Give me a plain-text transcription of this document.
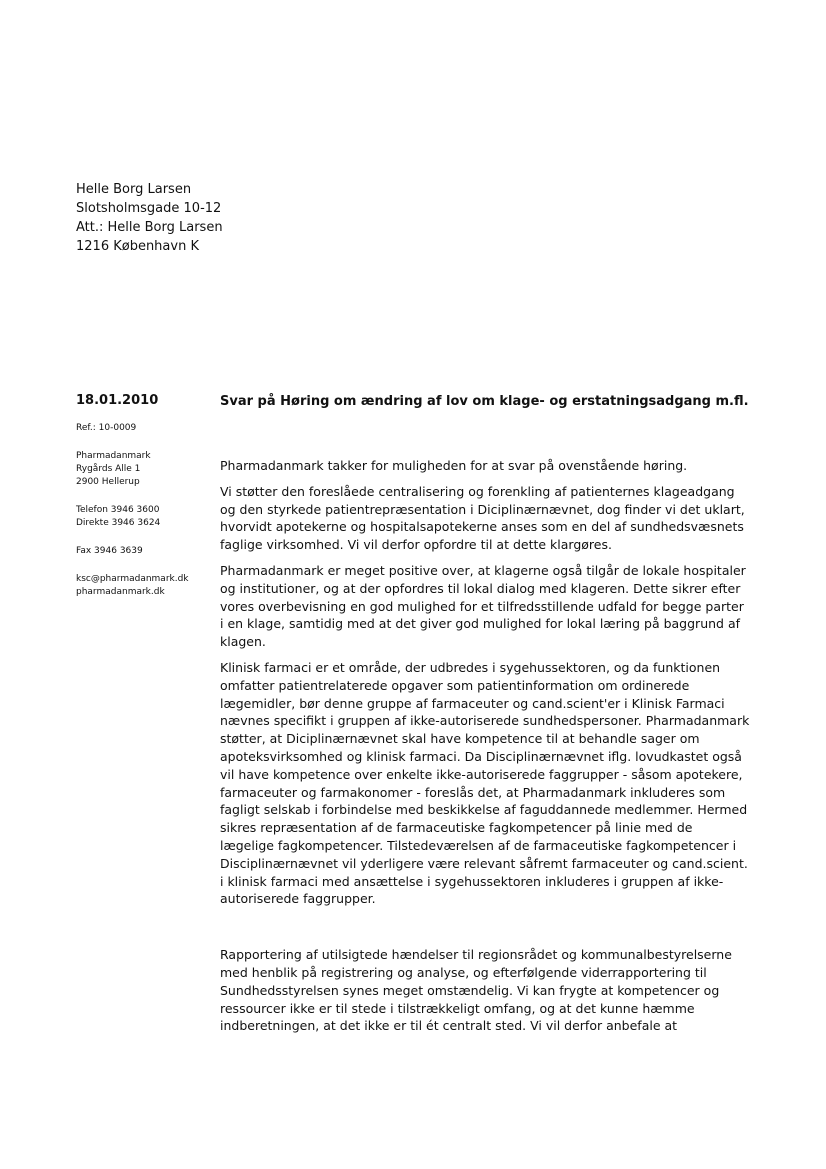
Helle Borg Larsen
Slotsholmsgade 10-12
Att.: Helle Borg Larsen
1216 København K
18.01.2010
Ref.: 10-0009
Pharmadanmark
Rygårds Alle 1
2900 Hellerup
Telefon 3946 3600
Direkte 3946 3624
Fax 3946 3639
ksc@pharmadanmark.dk
pharmadanmark.dk
Svar på Høring om ændring af lov om klage- og erstatningsadgang m.fl.

Pharmadanmark takker for muligheden for at svar på ovenstående høring.

Vi støtter den foreslåede centralisering og forenkling af patienternes klageadgang og den styrkede patientrepræsentation i Diciplinærnævnet, dog finder vi det uklart, hvorvidt apotekerne og hospitalsapotekerne anses som en del af sundhedsvæsnets faglige virksomhed. Vi vil derfor opfordre til at dette klargøres.

Pharmadanmark er meget positive over, at klagerne også tilgår de lokale hospitaler og institutioner, og at der opfordres til lokal dialog med klageren. Dette sikrer efter vores overbevisning en god mulighed for et tilfredsstillende udfald for begge parter i en klage, samtidig med at det giver god mulighed for lokal læring på baggrund af klagen.

Klinisk farmaci er et område, der udbredes i sygehussektoren, og da funktionen omfatter patientrelaterede opgaver som patientinformation om ordinerede lægemidler, bør denne gruppe af farmaceuter og cand.scient'er i Klinisk Farmaci nævnes specifikt i gruppen af ikke-autoriserede sundhedspersoner. Pharmadanmark støtter, at Diciplinærnævnet skal have kompetence til at behandle sager om apoteksvirksomhed og klinisk farmaci. Da Disciplinærnævnet iflg. lovudkastet også vil have kompetence over enkelte ikke-autoriserede faggrupper - såsom apotekere, farmaceuter og farmakonomer - foreslås det, at Pharmadanmark inkluderes som fagligt selskab i forbindelse med beskikkelse af faguddannede medlemmer. Hermed sikres repræsentation af de farmaceutiske fagkompetencer på linie med de lægelige fagkompetencer. Tilstedeværelsen af de farmaceutiske fagkompetencer i Disciplinærnævnet vil yderligere være relevant såfremt farmaceuter og cand.scient. i klinisk farmaci med ansættelse i sygehussektoren inkluderes i gruppen af ikke-autoriserede faggrupper.

Rapportering af utilsigtede hændelser til regionsrådet og kommunalbestyrelserne med henblik på registrering og analyse, og efterfølgende viderrapportering til Sundhedsstyrelsen synes meget omstændelig. Vi kan frygte at kompetencer og ressourcer ikke er til stede i tilstrækkeligt omfang, og at det kunne hæmme indberetningen, at det ikke er til ét centralt sted. Vi vil derfor anbefale at
